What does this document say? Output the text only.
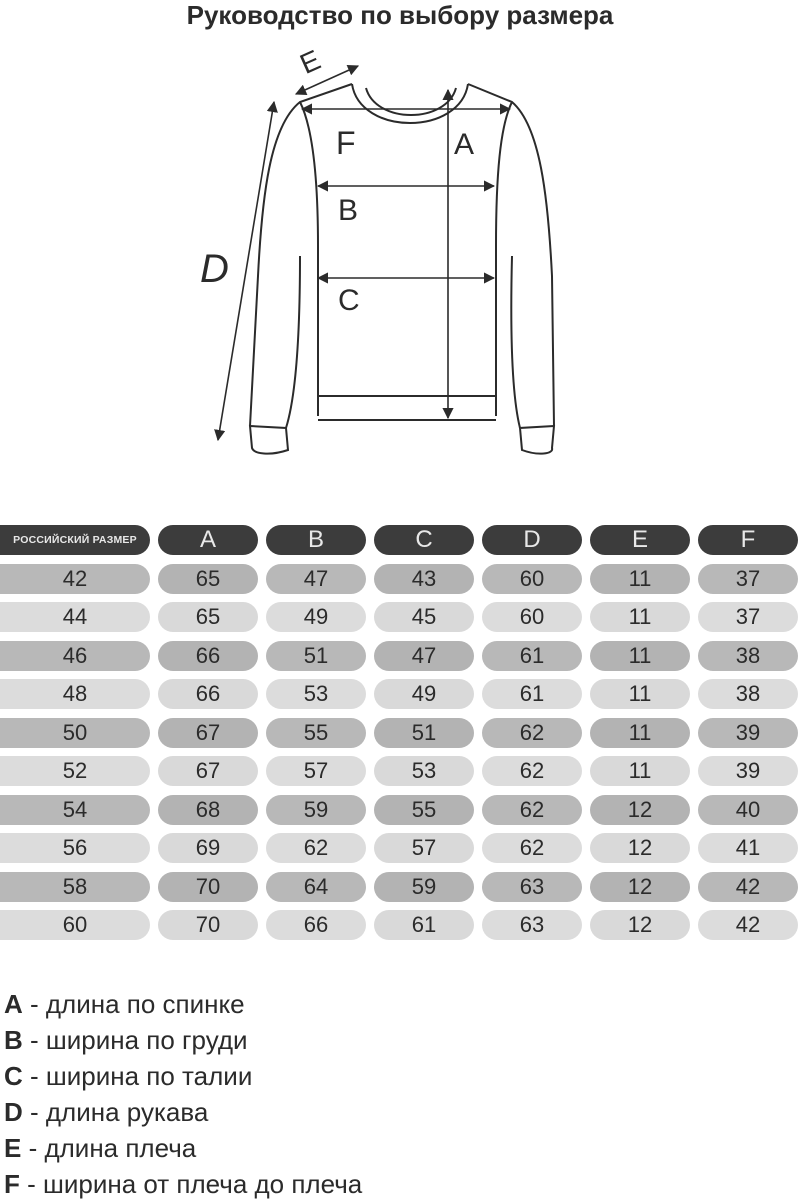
Руководство по выбору размера
E
F	A
B
C
D
РОССИЙСКИЙ РАЗМЕР	A	B	C	D	E	F
42	65	47	43	60	11	37
44	65	49	45	60	11	37
46	66	51	47	61	11	38
48	66	53	49	61	11	38
50	67	55	51	62	11	39
52	67	57	53	62	11	39
54	68	59	55	62	12	40
56	69	62	57	62	12	41
58	70	64	59	63	12	42
60	70	66	61	63	12	42
A - длина по спинке
B - ширина по груди
C - ширина по талии
D - длина рукава
E - длина плеча
F - ширина от плеча до плеча
